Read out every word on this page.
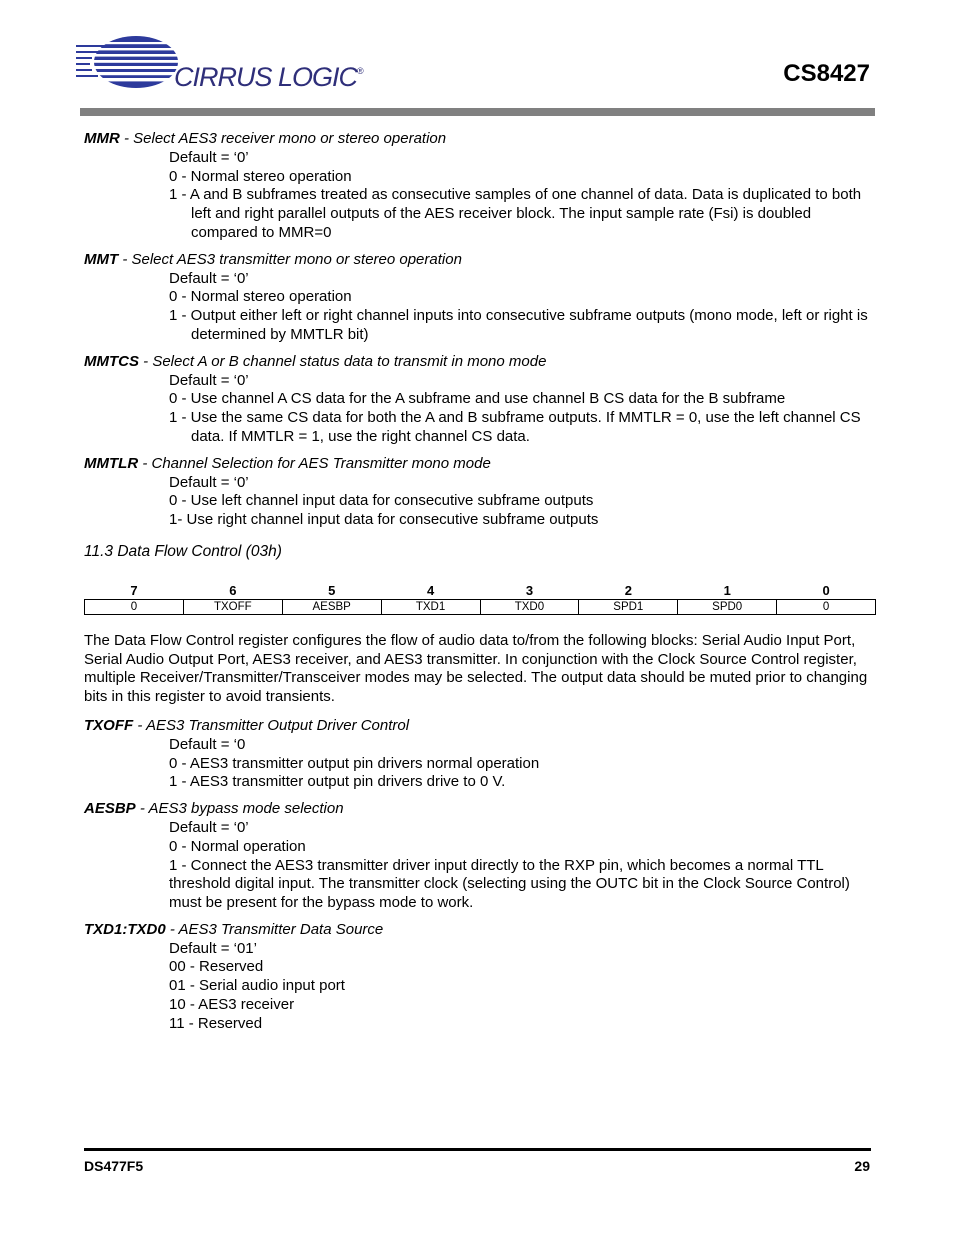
CIRRUS LOGIC®	CS8427
MMR - Select AES3 receiver mono or stereo operation
Default = ‘0’
0 - Normal stereo operation
1 - A and B subframes treated as consecutive samples of one channel of data. Data is duplicated to both left and right parallel outputs of the AES receiver block. The input sample rate (Fsi) is doubled compared to MMR=0
MMT - Select AES3 transmitter mono or stereo operation
Default = ‘0’
0 - Normal stereo operation
1 - Output either left or right channel inputs into consecutive subframe outputs (mono mode, left or right is determined by MMTLR bit)
MMTCS - Select A or B channel status data to transmit in mono mode
Default = ‘0’
0 - Use channel A CS data for the A subframe and use channel B CS data for the B subframe
1 - Use the same CS data for both the A and B subframe outputs. If MMTLR = 0, use the left channel CS data. If MMTLR = 1, use the right channel CS data.
MMTLR - Channel Selection for AES Transmitter mono mode
Default = ‘0’
0 - Use left channel input data for consecutive subframe outputs
1- Use right channel input data for consecutive subframe outputs
11.3 Data Flow Control (03h)
7	6	5	4	3	2	1	0
0	TXOFF	AESBP	TXD1	TXD0	SPD1	SPD0	0
The Data Flow Control register configures the flow of audio data to/from the following blocks: Serial Audio Input Port, Serial Audio Output Port, AES3 receiver, and AES3 transmitter. In conjunction with the Clock Source Control register, multiple Receiver/Transmitter/Transceiver modes may be selected. The output data should be muted prior to changing bits in this register to avoid transients.
TXOFF - AES3 Transmitter Output Driver Control
Default = ‘0
0 - AES3 transmitter output pin drivers normal operation
1 - AES3 transmitter output pin drivers drive to 0 V.
AESBP - AES3 bypass mode selection
Default = ‘0’
0 - Normal operation
1 - Connect the AES3 transmitter driver input directly to the RXP pin, which becomes a normal TTL threshold digital input. The transmitter clock (selecting using the OUTC bit in the Clock Source Control) must be present for the bypass mode to work.
TXD1:TXD0 - AES3 Transmitter Data Source
Default = ‘01’
00 - Reserved
01 - Serial audio input port
10 - AES3 receiver
11 - Reserved
DS477F5	29
